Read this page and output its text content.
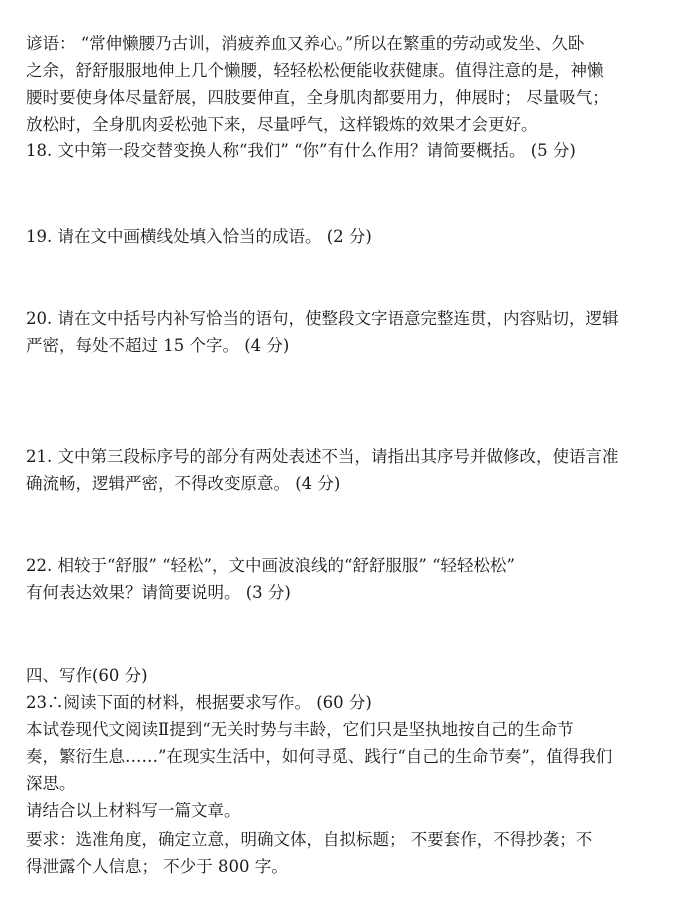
谚语： “常伸懒腰乃古训，消疲养血又养心。”所以在繁重的劳动或发坐、久卧
之余，舒舒服服地伸上几个懒腰，轻轻松松便能收获健康。值得注意的是，神懒
腰时要使身体尽量舒展，四肢要伸直，全身肌肉都要用力，伸展时； 尽量吸气；
放松时，全身肌肉妥松弛下来，尽量呼气，这样锻炼的效果才会更好。
18. 文中第一段交替变换人称“我们” “你”有什么作用？请简要概括。 (5 分)
19. 请在文中画横线处填入恰当的成语。 (2 分)
20. 请在文中括号内补写恰当的语句，使整段文字语意完整连贯，内容贴切，逻辑
严密，每处不超过 15 个字。 (4 分)
21. 文中第三段标序号的部分有两处表述不当，请指出其序号并做修改，使语言准
确流畅，逻辑严密，不得改变原意。 (4 分)
22. 相较于“舒服” “轻松”，文中画波浪线的“舒舒服服” “轻轻松松”
有何表达效果？请简要说明。 (3 分)
四、写作(60 分)
23∴阅读下面的材料，根据要求写作。 (60 分)
本试卷现代文阅读Ⅱ提到“无关时势与丰龄，它们只是坚执地按自己的生命节
奏，繁衍生息……”在现实生活中，如何寻觅、践行“自己的生命节奏”，值得我们
深思。
请结合以上材料写一篇文章。
要求：选准角度，确定立意，明确文体，自拟标题； 不要套作，不得抄袭；不
得泄露个人信息； 不少于 800 字。
